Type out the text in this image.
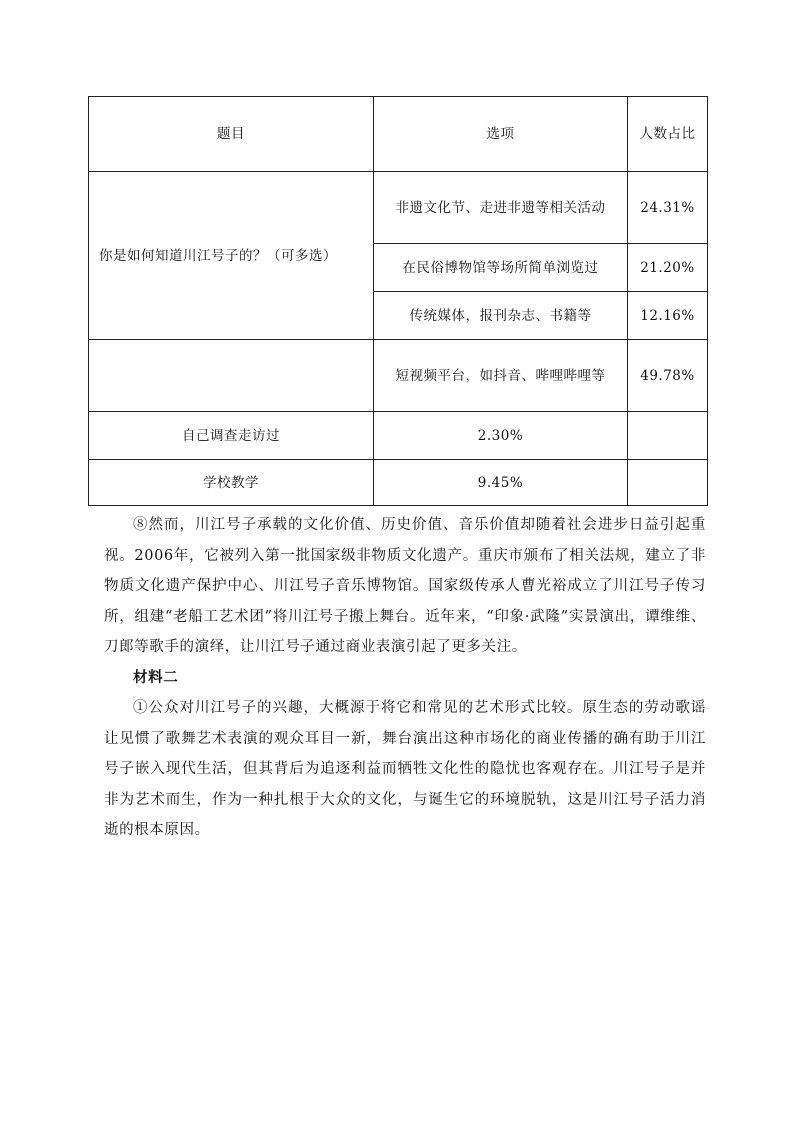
题目	选项	人数占比
你是如何知道川江号子的？（可多选）	非遗文化节、走进非遗等相关活动	24.31%
	在民俗博物馆等场所简单浏览过	21.20%
	传统媒体，报刊杂志、书籍等	12.16%
	短视频平台，如抖音、哔哩哔哩等	49.78%
自己调查走访过	2.30%	
学校教学	9.45%	

⑧然而，川江号子承载的文化价值、历史价值、音乐价值却随着社会进步日益引起重视。2006年，它被列入第一批国家级非物质文化遗产。重庆市颁布了相关法规，建立了非物质文化遗产保护中心、川江号子音乐博物馆。国家级传承人曹光裕成立了川江号子传习所，组建“老船工艺术团”将川江号子搬上舞台。近年来，“印象·武隆”实景演出，谭维维、刀郎等歌手的演绎，让川江号子通过商业表演引起了更多关注。

材料二

①公众对川江号子的兴趣，大概源于将它和常见的艺术形式比较。原生态的劳动歌谣让见惯了歌舞艺术表演的观众耳目一新，舞台演出这种市场化的商业传播的确有助于川江号子嵌入现代生活，但其背后为追逐利益而牺牲文化性的隐忧也客观存在。川江号子是并非为艺术而生，作为一种扎根于大众的文化，与诞生它的环境脱轨，这是川江号子活力消逝的根本原因。
